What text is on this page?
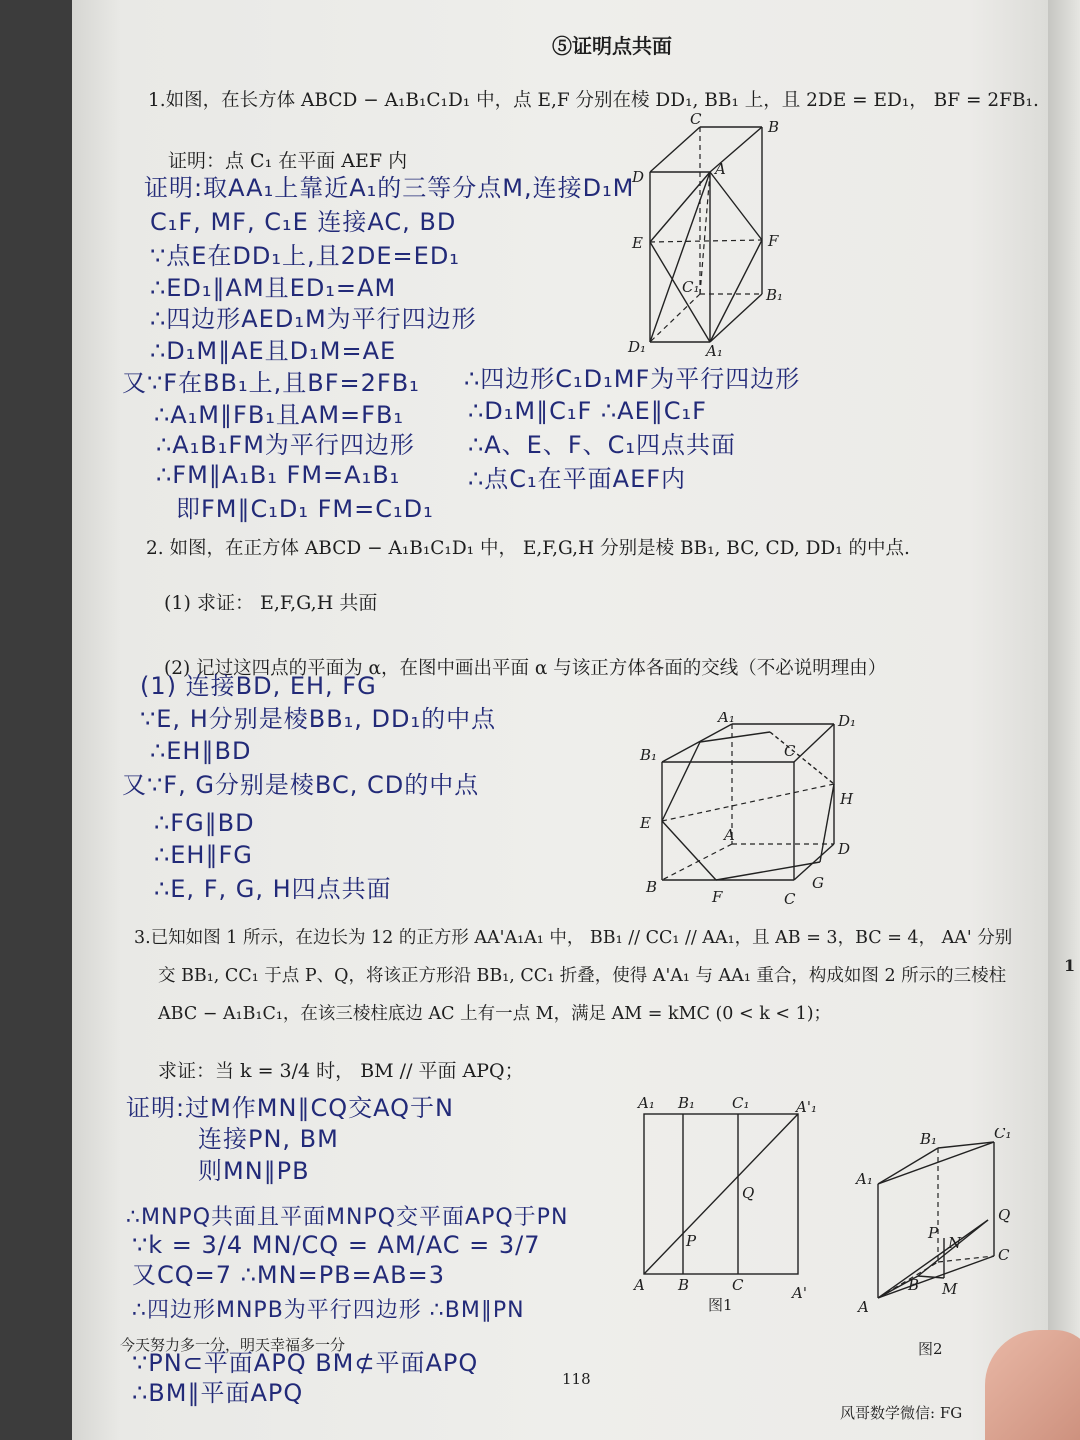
⑤证明点共面
1.如图，在长方体 ABCD − A₁B₁C₁D₁ 中，点 E,F 分别在棱 DD₁, BB₁ 上，且 2DE = ED₁， BF = 2FB₁.
证明：点 C₁ 在平面 AEF 内
证明:取AA₁上靠近A₁的三等分点M,连接D₁M
C₁F, MF, C₁E 连接AC, BD
∵点E在DD₁上,且2DE=ED₁
∴ED₁∥AM且ED₁=AM
∴四边形AED₁M为平行四边形
∴D₁M∥AE且D₁M=AE
又∵F在BB₁上,且BF=2FB₁
∴A₁M∥FB₁且AM=FB₁
∴A₁B₁FM为平行四边形
∴FM∥A₁B₁ FM=A₁B₁
即FM∥C₁D₁ FM=C₁D₁
∴四边形C₁D₁MF为平行四边形
∴D₁M∥C₁F ∴AE∥C₁F
∴A、E、F、C₁四点共面
∴点C₁在平面AEF内
C	B
D	A
E	F
C₁	B₁
D₁	A₁
2. 如图，在正方体 ABCD − A₁B₁C₁D₁ 中， E,F,G,H 分别是棱 BB₁, BC, CD, DD₁ 的中点.
(1) 求证： E,F,G,H 共面
(2) 记过这四点的平面为 α，在图中画出平面 α 与该正方体各面的交线（不必说明理由）
(1) 连接BD, EH, FG
∵E, H分别是棱BB₁, DD₁的中点
∴EH∥BD
又∵F, G分别是棱BC, CD的中点
∴FG∥BD
∴EH∥FG
∴E, F, G, H四点共面
A₁	D₁
B₁	C
H
E
A
D
B
F	C
G
3.已知如图 1 所示，在边长为 12 的正方形 AA'A₁A₁ 中， BB₁ // CC₁ // AA₁，且 AB = 3，BC = 4， AA' 分别
交 BB₁, CC₁ 于点 P、Q，将该正方形沿 BB₁, CC₁ 折叠，使得 A'A₁ 与 AA₁ 重合，构成如图 2 所示的三棱柱
ABC − A₁B₁C₁，在该三棱柱底边 AC 上有一点 M，满足 AM = kMC (0 < k < 1)；
求证：当 k = 3/4 时， BM // 平面 APQ；
证明:过M作MN∥CQ交AQ于N
连接PN, BM
则MN∥PB
∴MNPQ共面且平面MNPQ交平面APQ于PN
∵k = 3/4 MN/CQ = AM/AC = 3/7
又CQ=7 ∴MN=PB=AB=3
∴四边形MNPB为平行四边形 ∴BM∥PN
∵PN⊂平面APQ BM⊄平面APQ
∴BM∥平面APQ
A₁ B₁ C₁	A'₁
Q
P
A B	C	A'
图1
B₁	C₁
A₁
Q
P
N
C
A
B M
图2
今天努力多一分，明天幸福多一分
118
风哥数学微信: FG
1
